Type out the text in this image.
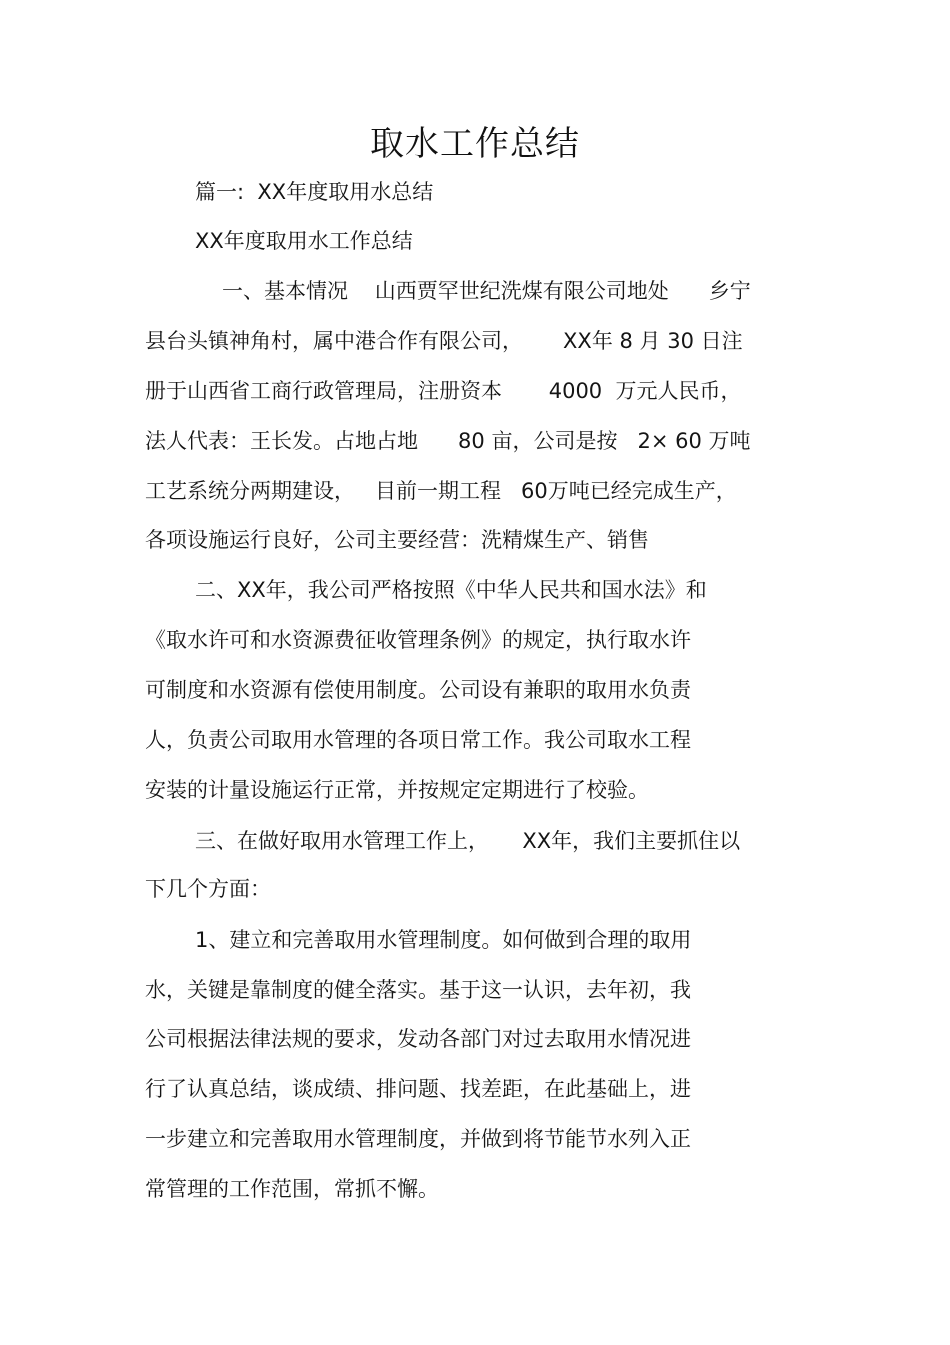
取水工作总结
篇一:  XX年度取用水总结
XX年度取用水工作总结
一、基本情况    山西贾罕世纪洗煤有限公司地处      乡宁
县台头镇神角村，属中港合作有限公司，      XX年 8 月 30 日注
册于山西省工商行政管理局，注册资本       4000  万元人民币，
法人代表：王长发。占地占地      80 亩，公司是按   2× 60 万吨
工艺系统分两期建设，   目前一期工程   60万吨已经完成生产，
各项设施运行良好，公司主要经营：洗精煤生产、销售
二、XX年，我公司严格按照《中华人民共和国水法》和
《取水许可和水资源费征收管理条例》的规定，执行取水许
可制度和水资源有偿使用制度。公司设有兼职的取用水负责
人，负责公司取用水管理的各项日常工作。我公司取水工程
安装的计量设施运行正常，并按规定定期进行了校验。
三、在做好取用水管理工作上，     XX年，我们主要抓住以
下几个方面：
1、建立和完善取用水管理制度。如何做到合理的取用
水，关键是靠制度的健全落实。基于这一认识，去年初，我
公司根据法律法规的要求，发动各部门对过去取用水情况进
行了认真总结，谈成绩、排问题、找差距，在此基础上，进
一步建立和完善取用水管理制度，并做到将节能节水列入正
常管理的工作范围，常抓不懈。
